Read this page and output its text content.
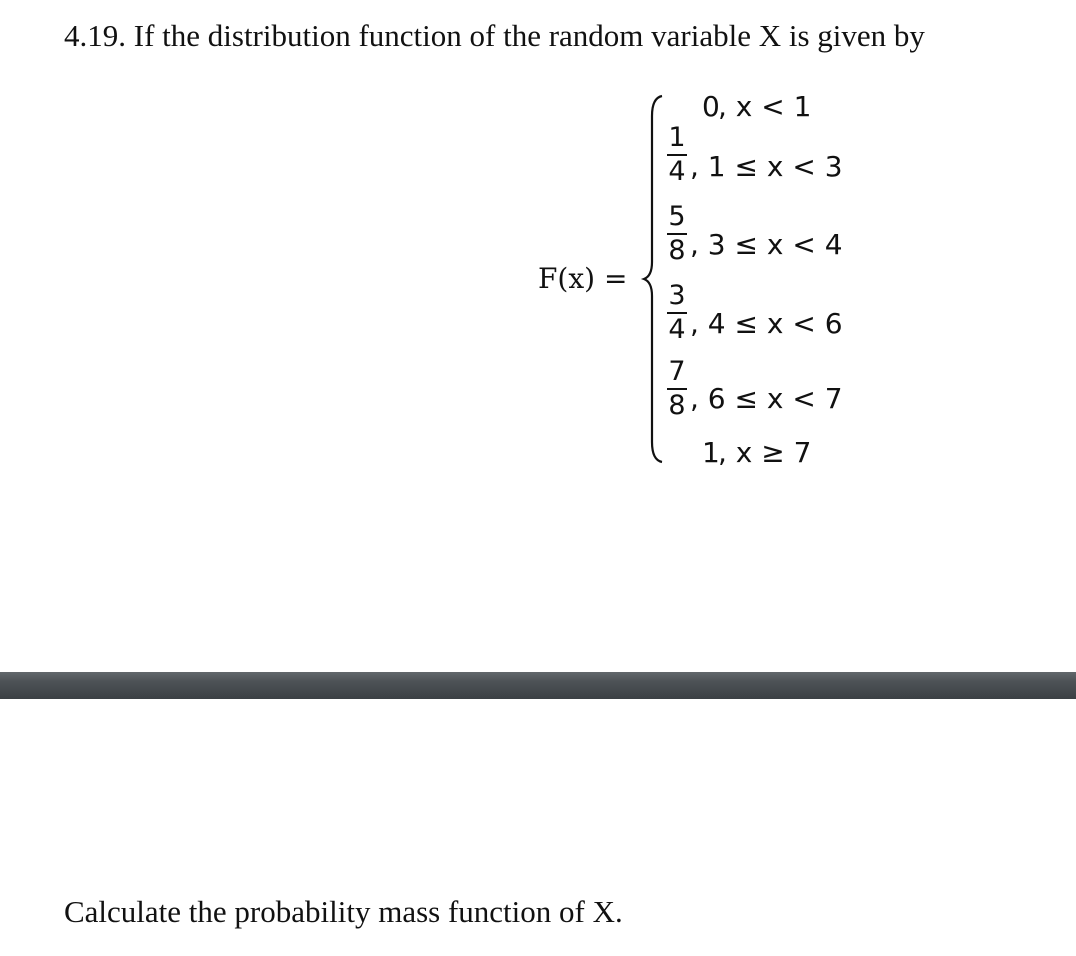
4.19. If the distribution function of the random variable X is given by
F(x) =
0
, x < 1
1
4 , 1 ≤ x < 3
5
8 , 3 ≤ x < 4
3
4 , 4 ≤ x < 6
7
8 , 6 ≤ x < 7
1
, x ≥ 7
Calculate the probability mass function of X.
